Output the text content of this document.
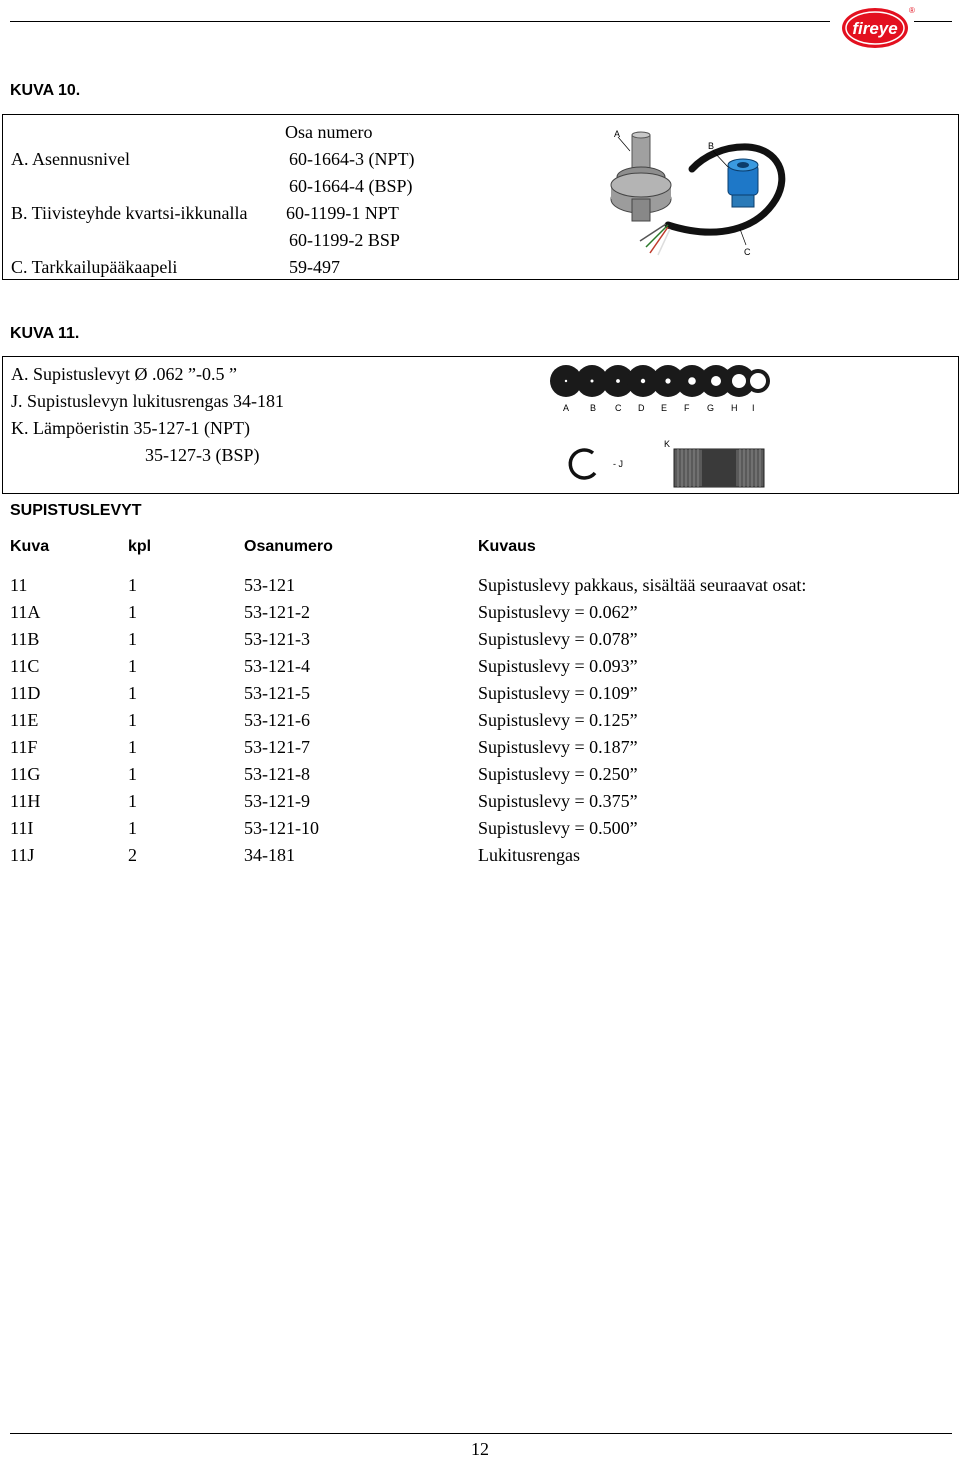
fireye
®
KUVA 10.
Osa numero
A. Asennusnivel	60-1664-3 (NPT)
60-1664-4 (BSP)
B. Tiivisteyhde kvartsi-ikkunalla 60-1199-1 NPT
60-1199-2 BSP
C. Tarkkailupääkaapeli	59-497
A
B
C
KUVA 11.
A. Supistuslevyt Ø .062 ”-0.5 ”
J. Supistuslevyn lukitusrengas 34-181
K. Lämpöeristin 35-127-1 (NPT)
35-127-3 (BSP)
A B C D E F G H I
- J
K
SUPISTUSLEVYT
Kuva	kpl	Osanumero	Kuvaus
11	1	53-121	Supistuslevy pakkaus, sisältää seuraavat osat:
11A	1	53-121-2	Supistuslevy = 0.062”
11B	1	53-121-3	Supistuslevy = 0.078”
11C	1	53-121-4	Supistuslevy = 0.093”
11D	1	53-121-5	Supistuslevy = 0.109”
11E	1	53-121-6	Supistuslevy = 0.125”
11F	1	53-121-7	Supistuslevy = 0.187”
11G	1	53-121-8	Supistuslevy = 0.250”
11H	1	53-121-9	Supistuslevy = 0.375”
11I	1	53-121-10	Supistuslevy = 0.500”
11J	2	34-181	Lukitusrengas
12
